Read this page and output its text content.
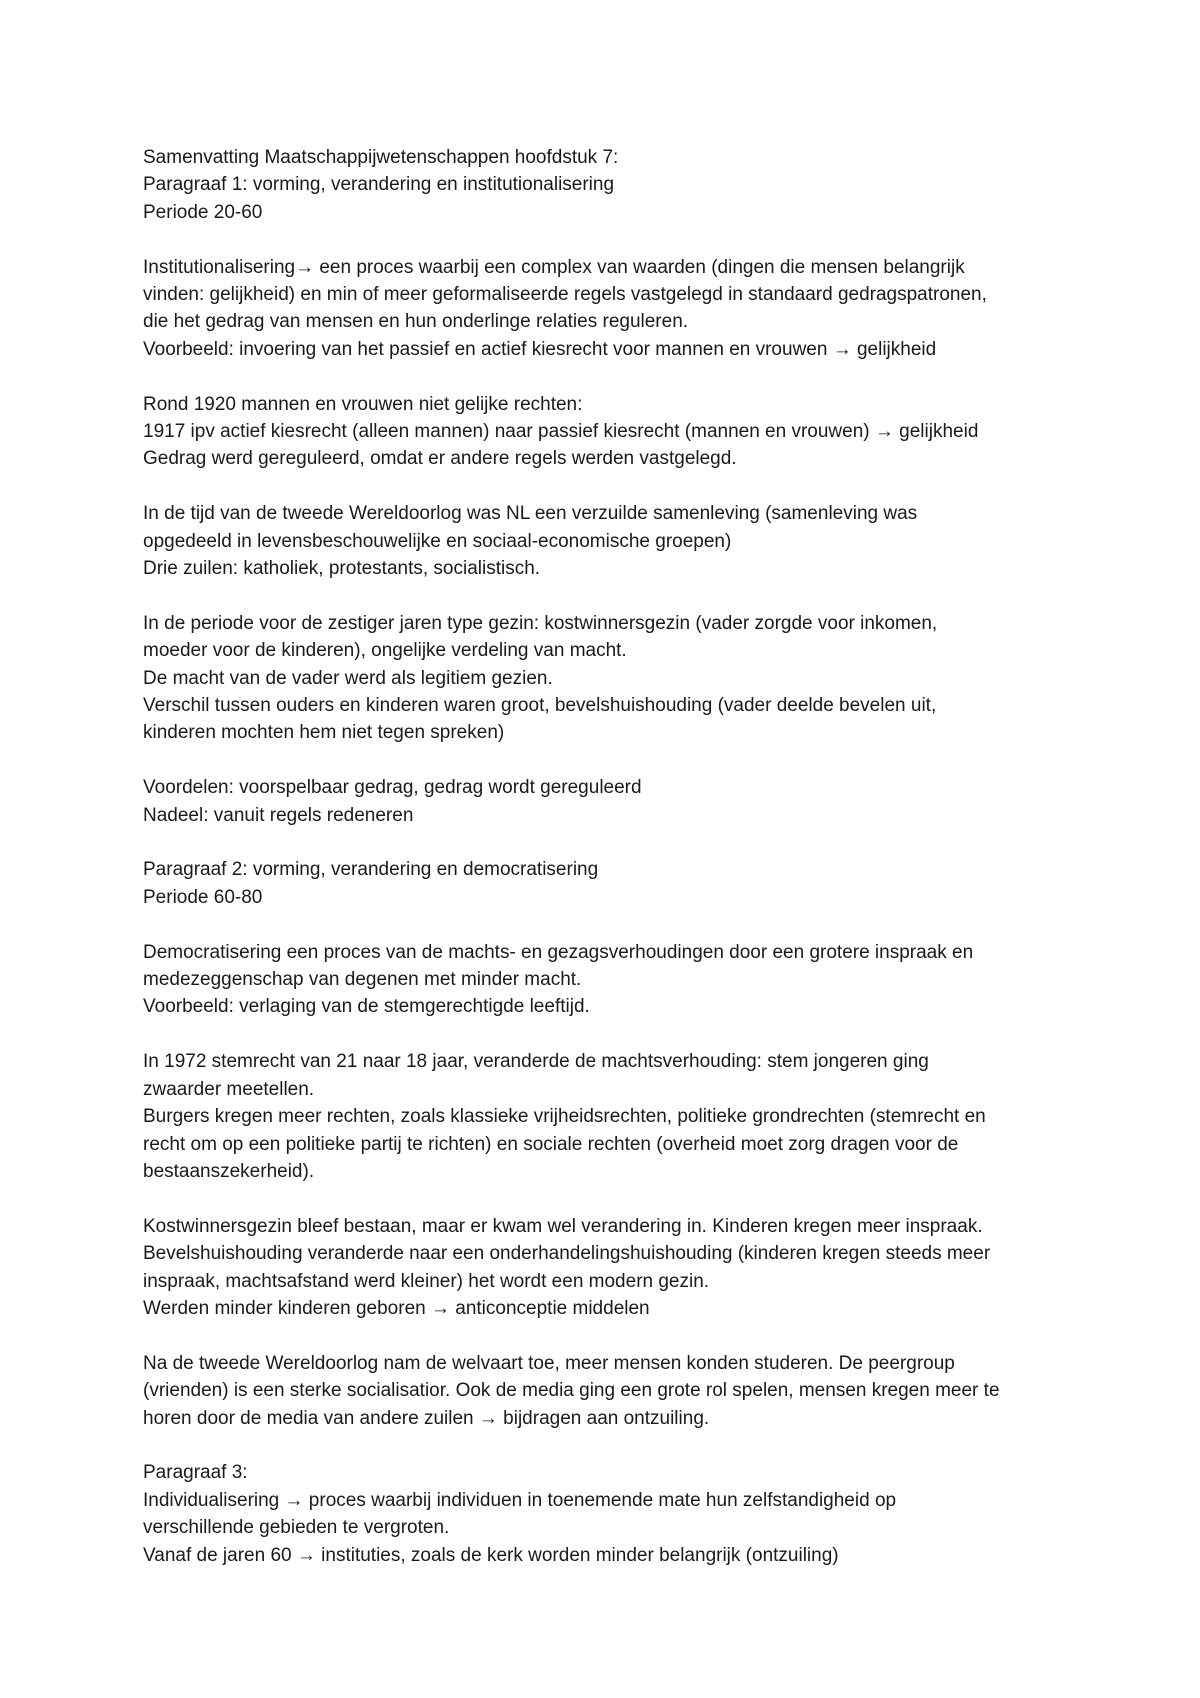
Samenvatting Maatschappijwetenschappen hoofdstuk 7:
Paragraaf 1: vorming, verandering en institutionalisering
Periode 20-60
Institutionalisering→ een proces waarbij een complex van waarden (dingen die mensen belangrijk
vinden: gelijkheid) en min of meer geformaliseerde regels vastgelegd in standaard gedragspatronen,
die het gedrag van mensen en hun onderlinge relaties reguleren.
Voorbeeld: invoering van het passief en actief kiesrecht voor mannen en vrouwen → gelijkheid
Rond 1920 mannen en vrouwen niet gelijke rechten:
1917 ipv actief kiesrecht (alleen mannen) naar passief kiesrecht (mannen en vrouwen) → gelijkheid
Gedrag werd gereguleerd, omdat er andere regels werden vastgelegd.
In de tijd van de tweede Wereldoorlog was NL een verzuilde samenleving (samenleving was
opgedeeld in levensbeschouwelijke en sociaal-economische groepen)
Drie zuilen: katholiek, protestants, socialistisch.
In de periode voor de zestiger jaren type gezin: kostwinnersgezin (vader zorgde voor inkomen,
moeder voor de kinderen), ongelijke verdeling van macht.
De macht van de vader werd als legitiem gezien.
Verschil tussen ouders en kinderen waren groot, bevelshuishouding (vader deelde bevelen uit,
kinderen mochten hem niet tegen spreken)
Voordelen: voorspelbaar gedrag, gedrag wordt gereguleerd
Nadeel: vanuit regels redeneren
Paragraaf 2: vorming, verandering en democratisering
Periode 60-80
Democratisering een proces van de machts- en gezagsverhoudingen door een grotere inspraak en
medezeggenschap van degenen met minder macht.
Voorbeeld: verlaging van de stemgerechtigde leeftijd.
In 1972 stemrecht van 21 naar 18 jaar, veranderde de machtsverhouding: stem jongeren ging
zwaarder meetellen.
Burgers kregen meer rechten, zoals klassieke vrijheidsrechten, politieke grondrechten (stemrecht en
recht om op een politieke partij te richten) en sociale rechten (overheid moet zorg dragen voor de
bestaanszekerheid).
Kostwinnersgezin bleef bestaan, maar er kwam wel verandering in. Kinderen kregen meer inspraak.
Bevelshuishouding veranderde naar een onderhandelingshuishouding (kinderen kregen steeds meer
inspraak, machtsafstand werd kleiner) het wordt een modern gezin.
Werden minder kinderen geboren → anticonceptie middelen
Na de tweede Wereldoorlog nam de welvaart toe, meer mensen konden studeren. De peergroup
(vrienden) is een sterke socialisatior. Ook de media ging een grote rol spelen, mensen kregen meer te
horen door de media van andere zuilen → bijdragen aan ontzuiling.
Paragraaf 3:
Individualisering → proces waarbij individuen in toenemende mate hun zelfstandigheid op
verschillende gebieden te vergroten.
Vanaf de jaren 60 → instituties, zoals de kerk worden minder belangrijk (ontzuiling)
